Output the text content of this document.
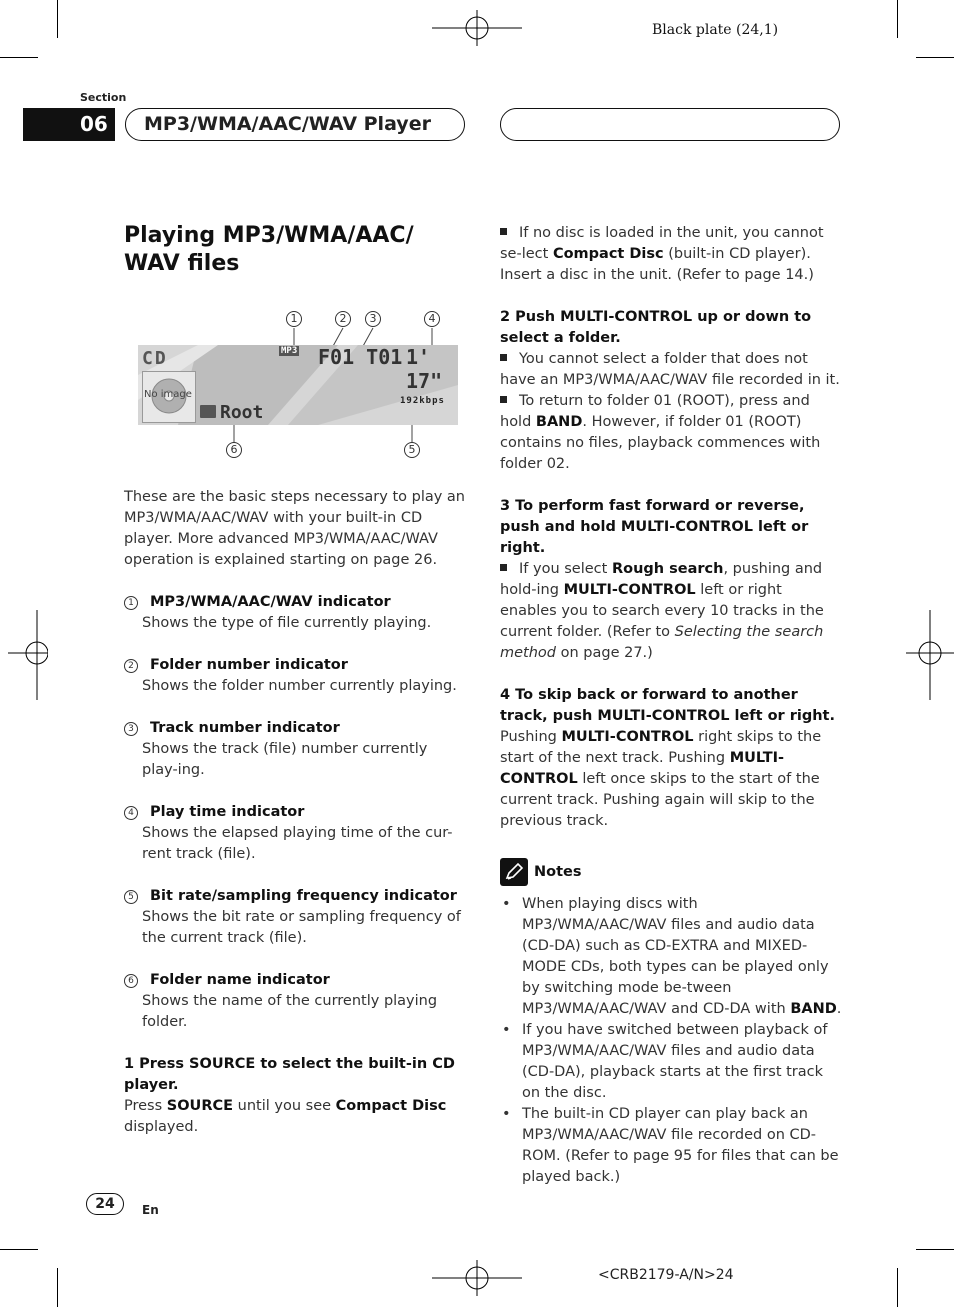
Black plate (24,1)
Section
06	MP3/WMA/AAC/WAV Player
Playing MP3/WMA/AAC/
WAV files
1	2	3	4
CD	MP3 F01 T01 1' 17"
No image
192kbps
Root
6	5

These are the basic steps necessary to play an MP3/WMA/AAC/WAV with your built-in CD player. More advanced MP3/WMA/AAC/WAV operation is explained starting on page 26.

1 MP3/WMA/AAC/WAV indicator
Shows the type of file currently playing.
2 Folder number indicator
Shows the folder number currently playing.
3 Track number indicator
Shows the track (file) number currently play-ing.
4 Play time indicator
Shows the elapsed playing time of the cur-rent track (file).
5 Bit rate/sampling frequency indicator
Shows the bit rate or sampling frequency of the current track (file).
6 Folder name indicator
Shows the name of the currently playing folder.
1 Press SOURCE to select the built-in CD player.
Press SOURCE until you see Compact Disc displayed.

If no disc is loaded in the unit, you cannot se-lect Compact Disc (built-in CD player). Insert a disc in the unit. (Refer to page 14.)

2 Push MULTI-CONTROL up or down to select a folder.

You cannot select a folder that does not have an MP3/WMA/AAC/WAV file recorded in it.

To return to folder 01 (ROOT), press and hold BAND. However, if folder 01 (ROOT) contains no files, playback commences with folder 02.

3 To perform fast forward or reverse, push and hold MULTI-CONTROL left or right.

If you select Rough search, pushing and hold-ing MULTI-CONTROL left or right enables you to search every 10 tracks in the current folder. (Refer to Selecting the search method on page 27.)

4 To skip back or forward to another track, push MULTI-CONTROL left or right.

Pushing MULTI-CONTROL right skips to the start of the next track. Pushing MULTI-CONTROL left once skips to the start of the current track. Pushing again will skip to the previous track.

Notes

• When playing discs with MP3/WMA/AAC/WAV files and audio data (CD-DA) such as CD-EXTRA and MIXED-MODE CDs, both types can be played only by switching mode be-tween MP3/WMA/AAC/WAV and CD-DA with BAND.

• If you have switched between playback of MP3/WMA/AAC/WAV files and audio data (CD-DA), playback starts at the first track on the disc.

• The built-in CD player can play back an MP3/WMA/AAC/WAV file recorded on CD-ROM. (Refer to page 95 for files that can be played back.)

24	En
<CRB2179-A/N>24
